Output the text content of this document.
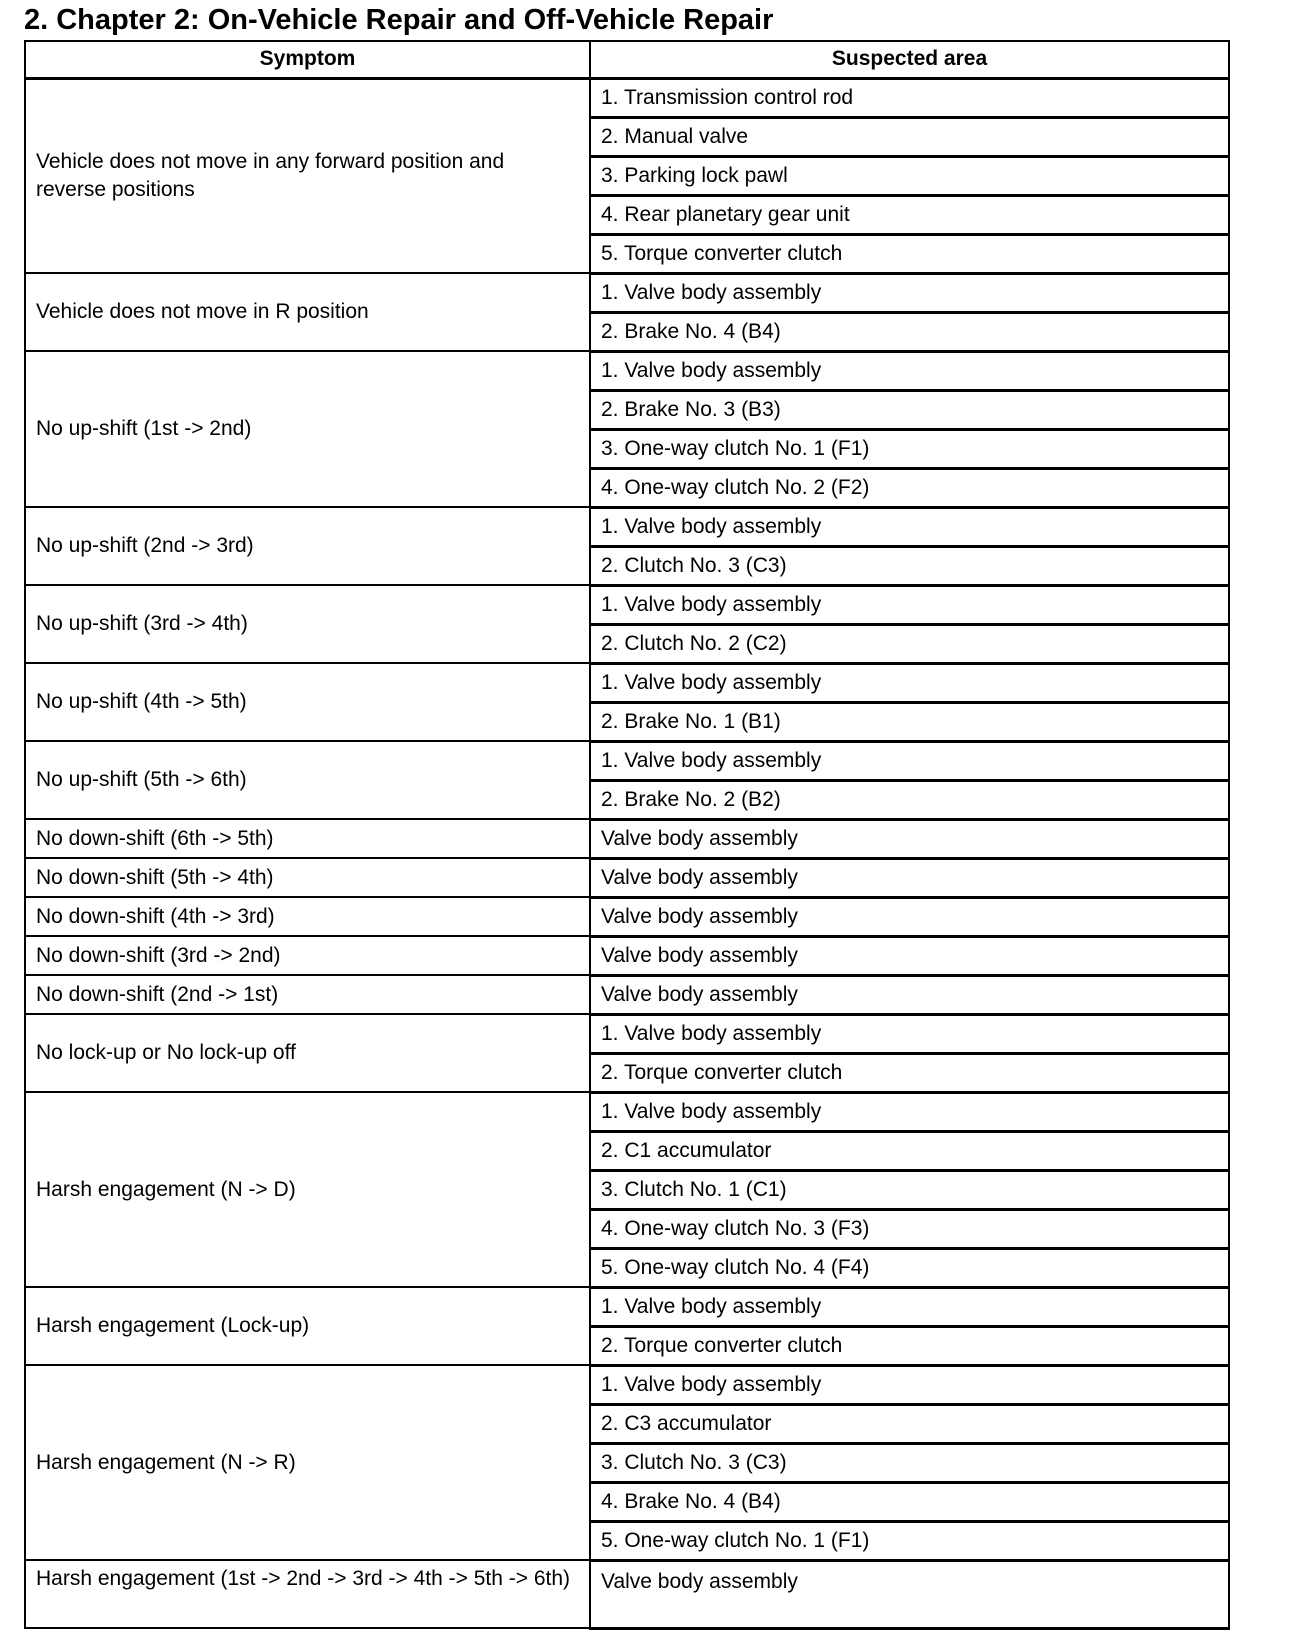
2. Chapter 2: On-Vehicle Repair and Off-Vehicle Repair
Symptom	Suspected area
Vehicle does not move in any forward position and reverse positions	1. Transmission control rod
	2. Manual valve
	3. Parking lock pawl
	4. Rear planetary gear unit
	5. Torque converter clutch
Vehicle does not move in R position	1. Valve body assembly
	2. Brake No. 4 (B4)
No up-shift (1st -> 2nd)	1. Valve body assembly
	2. Brake No. 3 (B3)
	3. One-way clutch No. 1 (F1)
	4. One-way clutch No. 2 (F2)
No up-shift (2nd -> 3rd)	1. Valve body assembly
	2. Clutch No. 3 (C3)
No up-shift (3rd -> 4th)	1. Valve body assembly
	2. Clutch No. 2 (C2)
No up-shift (4th -> 5th)	1. Valve body assembly
	2. Brake No. 1 (B1)
No up-shift (5th -> 6th)	1. Valve body assembly
	2. Brake No. 2 (B2)
No down-shift (6th -> 5th)	Valve body assembly
No down-shift (5th -> 4th)	Valve body assembly
No down-shift (4th -> 3rd)	Valve body assembly
No down-shift (3rd -> 2nd)	Valve body assembly
No down-shift (2nd -> 1st)	Valve body assembly
No lock-up or No lock-up off	1. Valve body assembly
	2. Torque converter clutch
Harsh engagement (N -> D)	1. Valve body assembly
	2. C1 accumulator
	3. Clutch No. 1 (C1)
	4. One-way clutch No. 3 (F3)
	5. One-way clutch No. 4 (F4)
Harsh engagement (Lock-up)	1. Valve body assembly
	2. Torque converter clutch
Harsh engagement (N -> R)	1. Valve body assembly
	2. C3 accumulator
	3. Clutch No. 3 (C3)
	4. Brake No. 4 (B4)
	5. One-way clutch No. 1 (F1)
Harsh engagement (1st -> 2nd -> 3rd -> 4th -> 5th -> 6th)	Valve body assembly
